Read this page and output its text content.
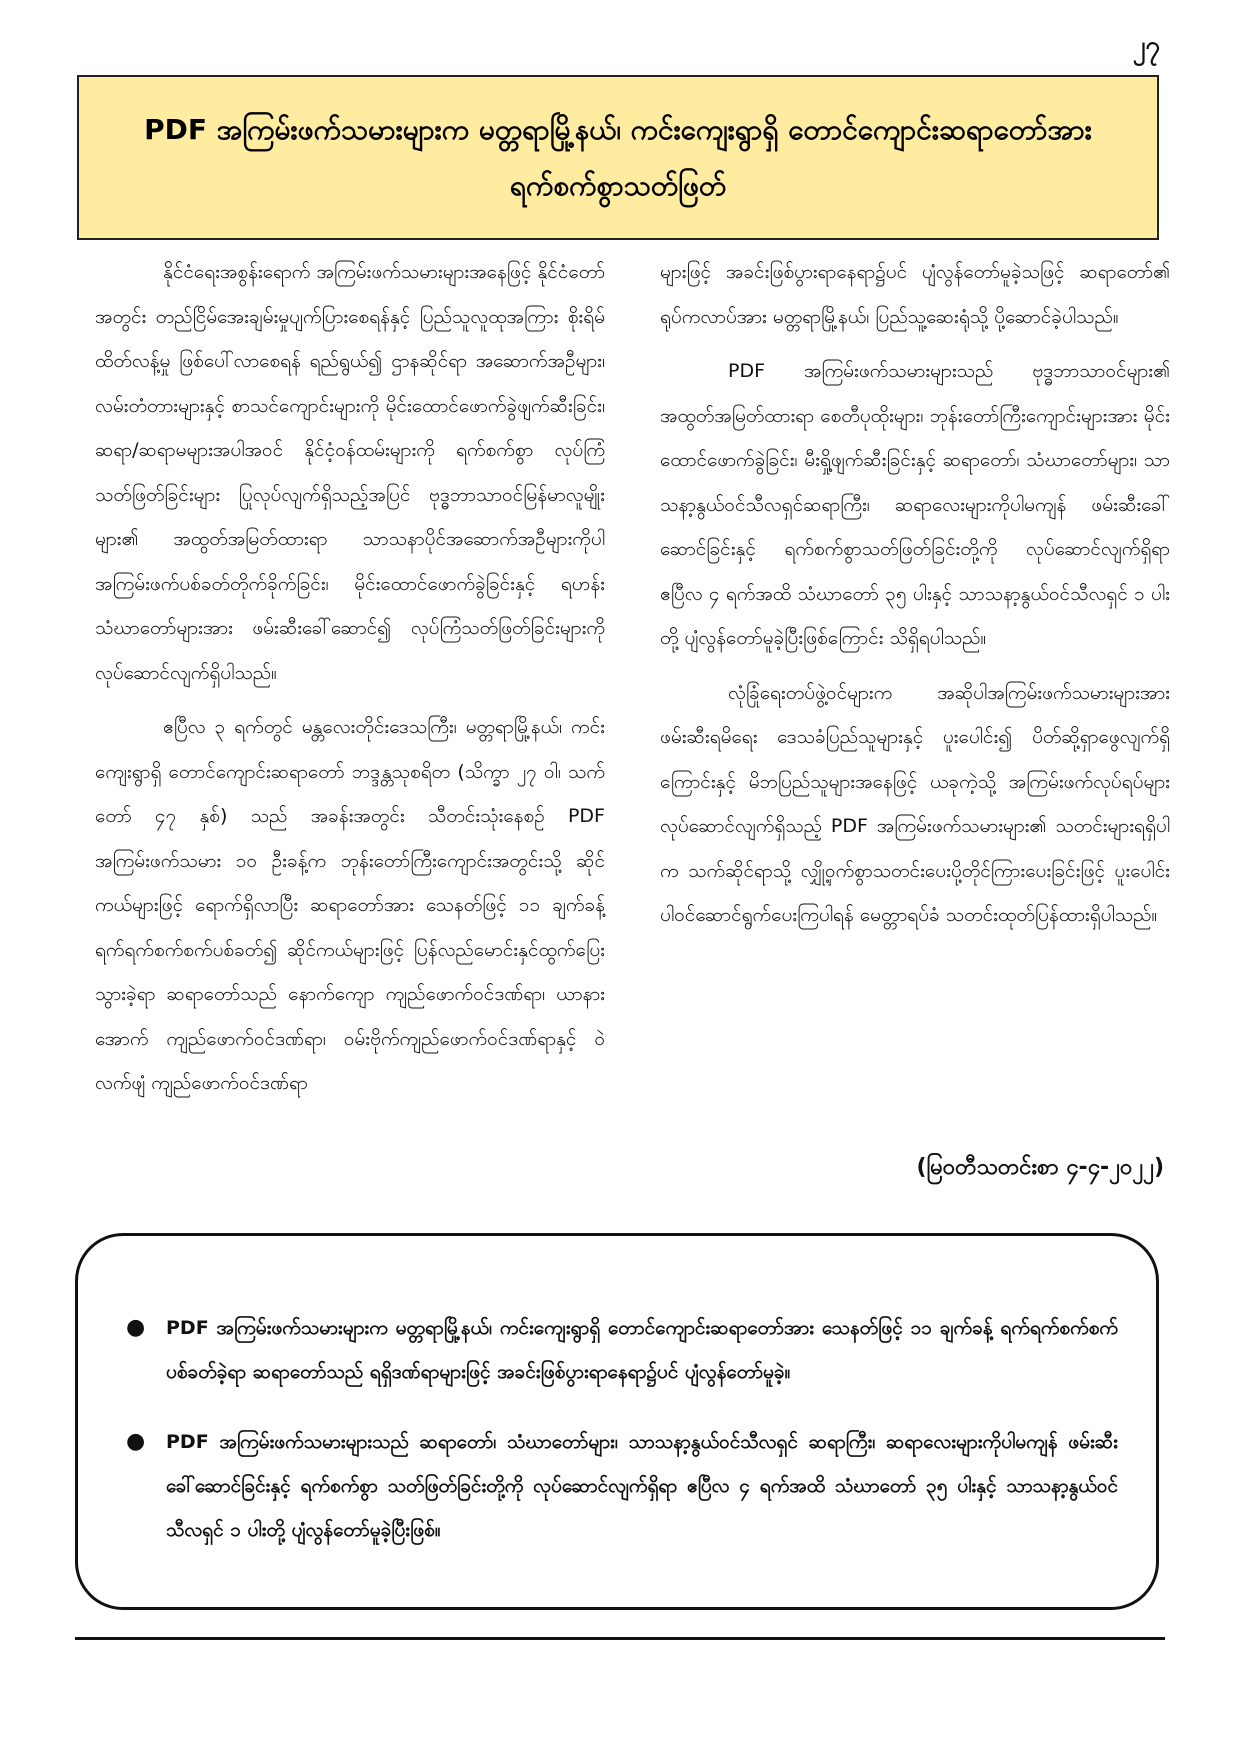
၂၇

PDF အကြမ်းဖက်သမားများက မတ္တရာမြို့နယ်၊ ကင်းကျေးရွာရှိ တောင်ကျောင်းဆရာတော်အား ရက်စက်စွာသတ်ဖြတ်

နိုင်ငံရေးအစွန်းရောက် အကြမ်းဖက်သမားများအနေဖြင့် နိုင်ငံတော်အတွင်း တည်ငြိမ်အေးချမ်းမှုပျက်ပြားစေရန်နှင့် ပြည်သူလူထုအကြား စိုးရိမ်ထိတ်လန့်မှု ဖြစ်ပေါ်လာစေရန် ရည်ရွယ်၍ ဌာနဆိုင်ရာ အဆောက်အဦများ၊ လမ်းတံတားများနှင့် စာသင်ကျောင်းများကို မိုင်းထောင်ဖောက်ခွဲဖျက်ဆီးခြင်း၊ ဆရာ/ဆရာမများအပါအဝင် နိုင်ငံ့ဝန်ထမ်းများကို ရက်စက်စွာ လုပ်ကြံသတ်ဖြတ်ခြင်းများ ပြုလုပ်လျက်ရှိသည့်အပြင် ဗုဒ္ဓဘာသာဝင်မြန်မာလူမျိုးများ၏ အထွတ်အမြတ်ထားရာ သာသနာပိုင်အဆောက်အဦများကိုပါ အကြမ်းဖက်ပစ်ခတ်တိုက်ခိုက်ခြင်း၊ မိုင်းထောင်ဖောက်ခွဲခြင်းနှင့် ရဟန်းသံဃာတော်များအား ဖမ်းဆီးခေါ်ဆောင်၍ လုပ်ကြံသတ်ဖြတ်ခြင်းများကို လုပ်ဆောင်လျက်ရှိပါသည်။

ဧပြီလ ၃ ရက်တွင် မန္တလေးတိုင်းဒေသကြီး၊ မတ္တရာမြို့နယ်၊ ကင်းကျေးရွာရှိ တောင်ကျောင်းဆရာတော် ဘဒ္ဒန္တသုစရိတ (သိက္ခာ ၂၇ ဝါ၊ သက်တော် ၄၇ နှစ်) သည် အခန်းအတွင်း သီတင်းသုံးနေစဉ် PDF အကြမ်းဖက်သမား ၁၀ ဦးခန့်က ဘုန်းတော်ကြီးကျောင်းအတွင်းသို့ ဆိုင်ကယ်များဖြင့် ရောက်ရှိလာပြီး ဆရာတော်အား သေနတ်ဖြင့် ၁၁ ချက်ခန့် ရက်ရက်စက်စက်ပစ်ခတ်၍ ဆိုင်ကယ်များဖြင့် ပြန်လည်မောင်းနှင်ထွက်ပြေးသွားခဲ့ရာ ဆရာတော်သည် နောက်ကျော ကျည်ဖောက်ဝင်ဒဏ်ရာ၊ ယာနားအောက် ကျည်ဖောက်ဝင်ဒဏ်ရာ၊ ဝမ်းဗိုက်ကျည်ဖောက်ဝင်ဒဏ်ရာနှင့် ဝဲလက်ဖျံ ကျည်ဖောက်ဝင်ဒဏ်ရာ

များဖြင့် အခင်းဖြစ်ပွားရာနေရာ၌ပင် ပျံလွန်တော်မူခဲ့သဖြင့် ဆရာတော်၏ ရုပ်ကလာပ်အား မတ္တရာမြို့နယ်၊ ပြည်သူ့ဆေးရုံသို့ ပို့ဆောင်ခဲ့ပါသည်။

PDF အကြမ်းဖက်သမားများသည် ဗုဒ္ဓဘာသာဝင်များ၏ အထွတ်အမြတ်ထားရာ စေတီပုထိုးများ၊ ဘုန်းတော်ကြီးကျောင်းများအား မိုင်းထောင်ဖောက်ခွဲခြင်း၊ မီးရှို့ဖျက်ဆီးခြင်းနှင့် ဆရာတော်၊ သံဃာတော်များ၊ သာသနာ့နွယ်ဝင်သီလရှင်ဆရာကြီး၊ ဆရာလေးများကိုပါမကျန် ဖမ်းဆီးခေါ်ဆောင်ခြင်းနှင့် ရက်စက်စွာသတ်ဖြတ်ခြင်းတို့ကို လုပ်ဆောင်လျက်ရှိရာ ဧပြီလ ၄ ရက်အထိ သံဃာတော် ၃၅ ပါးနှင့် သာသနာ့နွယ်ဝင်သီလရှင် ၁ ပါးတို့ ပျံလွန်တော်မူခဲ့ပြီးဖြစ်ကြောင်း သိရှိရပါသည်။

လုံခြုံရေးတပ်ဖွဲ့ဝင်များက အဆိုပါအကြမ်းဖက်သမားများအား ဖမ်းဆီးရမိရေး ဒေသခံပြည်သူများနှင့် ပူးပေါင်း၍ ပိတ်ဆို့ရှာဖွေလျက်ရှိကြောင်းနှင့် မိဘပြည်သူများအနေဖြင့် ယခုကဲ့သို့ အကြမ်းဖက်လုပ်ရပ်များလုပ်ဆောင်လျက်ရှိသည့် PDF အကြမ်းဖက်သမားများ၏ သတင်းများရရှိပါက သက်ဆိုင်ရာသို့ လျှို့ဝှက်စွာသတင်းပေးပို့တိုင်ကြားပေးခြင်းဖြင့် ပူးပေါင်းပါဝင်ဆောင်ရွက်ပေးကြပါရန် မေတ္တာရပ်ခံ သတင်းထုတ်ပြန်ထားရှိပါသည်။

(မြဝတီသတင်းစာ ၄-၄-၂၀၂၂)

●	PDF အကြမ်းဖက်သမားများက မတ္တရာမြို့နယ်၊ ကင်းကျေးရွာရှိ တောင်ကျောင်းဆရာတော်အား သေနတ်ဖြင့် ၁၁ ချက်ခန့် ရက်ရက်စက်စက်ပစ်ခတ်ခဲ့ရာ ဆရာတော်သည် ရရှိဒဏ်ရာများဖြင့် အခင်းဖြစ်ပွားရာနေရာ၌ပင် ပျံလွန်တော်မူခဲ့။
●	PDF အကြမ်းဖက်သမားများသည် ဆရာတော်၊ သံဃာတော်များ၊ သာသနာ့နွယ်ဝင်သီလရှင် ဆရာကြီး၊ ဆရာလေးများကိုပါမကျန် ဖမ်းဆီးခေါ်ဆောင်ခြင်းနှင့် ရက်စက်စွာ သတ်ဖြတ်ခြင်းတို့ကို လုပ်ဆောင်လျက်ရှိရာ ဧပြီလ ၄ ရက်အထိ သံဃာတော် ၃၅ ပါးနှင့် သာသနာ့နွယ်ဝင်သီလရှင် ၁ ပါးတို့ ပျံလွန်တော်မူခဲ့ပြီးဖြစ်။
